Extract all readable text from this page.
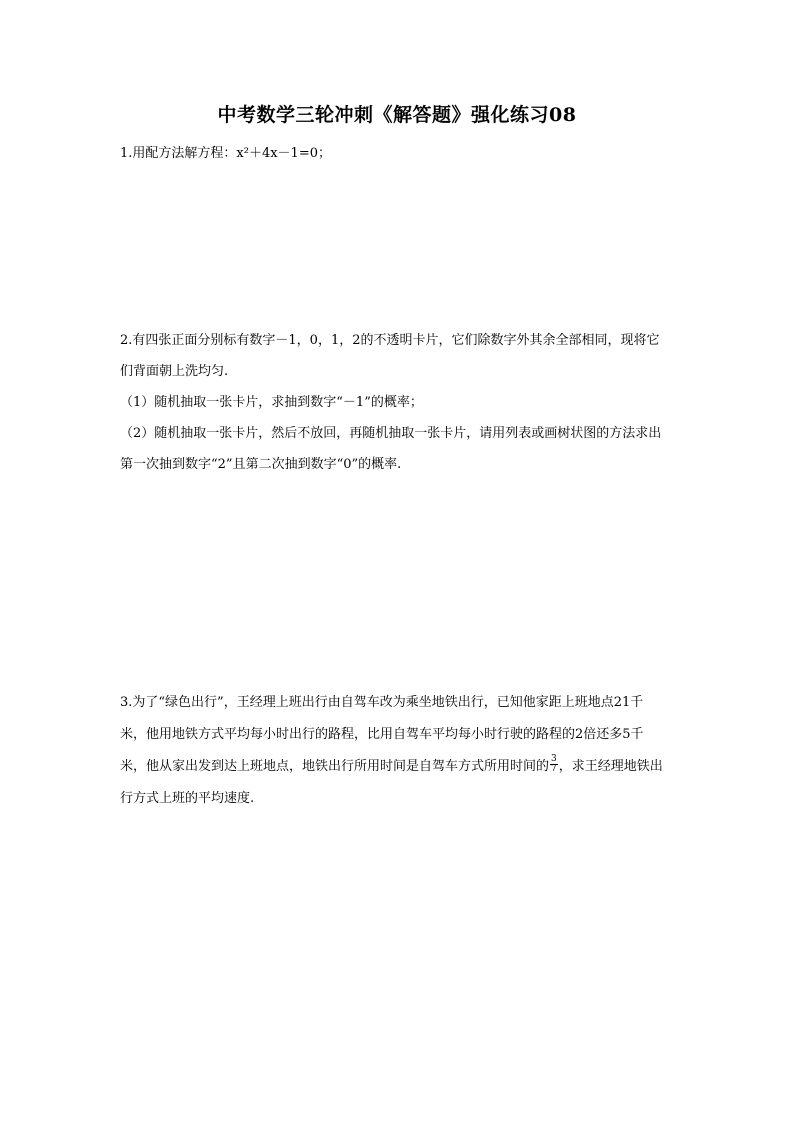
中考数学三轮冲刺《解答题》强化练习08

1.用配方法解方程：x²＋4x－1=0；

2.有四张正面分别标有数字－1，0，1，2的不透明卡片，它们除数字外其余全部相同，现将它

们背面朝上洗均匀.

（1）随机抽取一张卡片，求抽到数字“－1”的概率；

（2）随机抽取一张卡片，然后不放回，再随机抽取一张卡片，请用列表或画树状图的方法求出

第一次抽到数字“2”且第二次抽到数字“0”的概率.

3.为了“绿色出行”，王经理上班出行由自驾车改为乘坐地铁出行，已知他家距上班地点21千

米，他用地铁方式平均每小时出行的路程，比用自驾车平均每小时行驶的路程的2倍还多5千

米，他从家出发到达上班地点，地铁出行所用时间是自驾车方式所用时间的 $\frac{3}{7}$ ，求王经理地铁出

行方式上班的平均速度.
